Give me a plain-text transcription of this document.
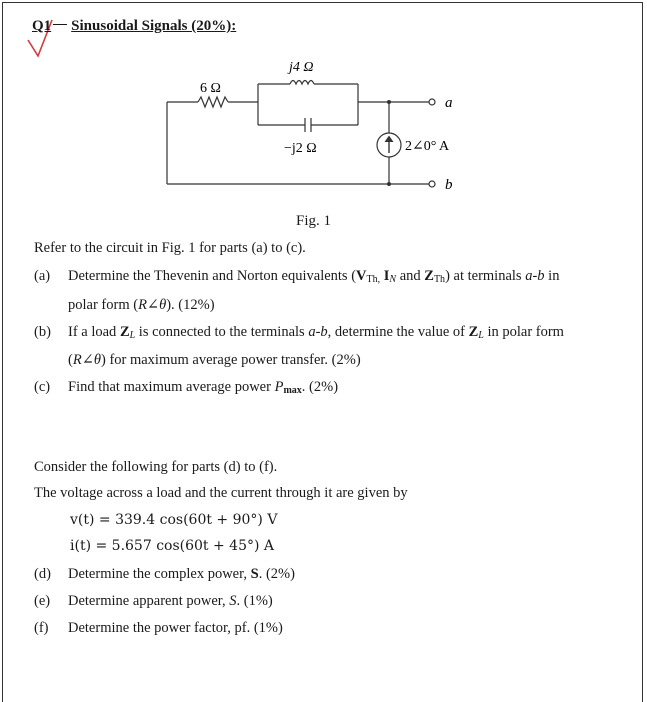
Q1 Sinusoidal Signals (20%):
6 Ω
j4 Ω
−j2 Ω	2∠0° A
a
b
Fig. 1
Refer to the circuit in Fig. 1 for parts (a) to (c).
(a) Determine the Thevenin and Norton equivalents ($V_{Th,}$ $I_N$ and $Z_{Th}$) at terminals a-b in
polar form (R∠θ). (12%)
(b) If a load $Z_L$ is connected to the terminals a-b, determine the value of $Z_L$ in polar form
(R∠θ) for maximum average power transfer. (2%)
(c) Find that maximum average power $P_{max}$. (2%)
Consider the following for parts (d) to (f).
The voltage across a load and the current through it are given by
v(t) = 339.4 cos(60t + 90°) V
i(t) = 5.657 cos(60t + 45°) A
(d) Determine the complex power, S. (2%)
(e) Determine apparent power, S. (1%)
(f) Determine the power factor, pf. (1%)
